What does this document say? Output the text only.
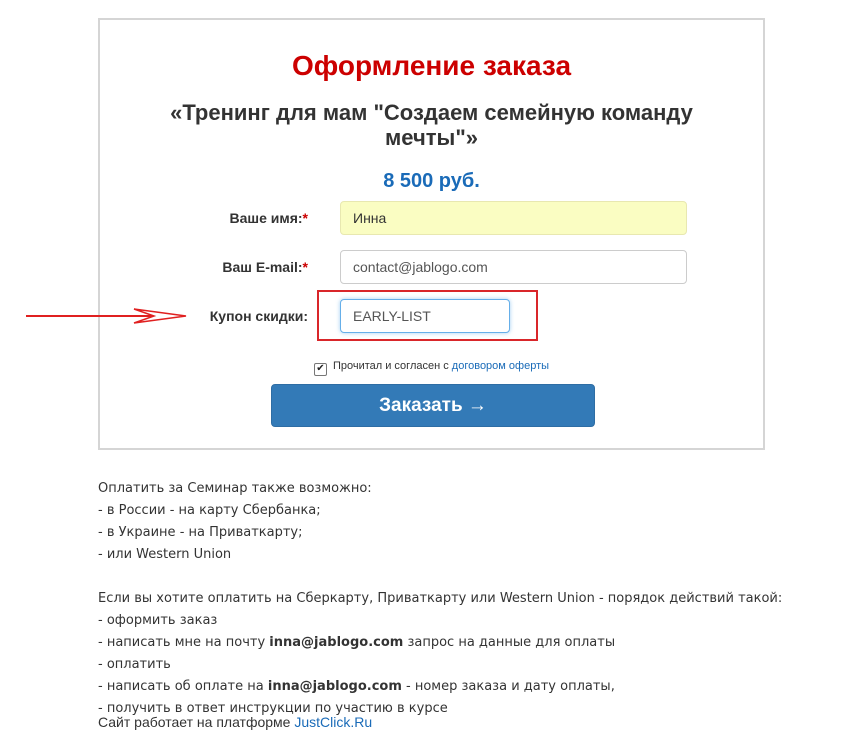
Оформление заказа
«Тренинг для мам "Создаем семейную команду мечты"»
8 500 руб.
Ваше имя:*
Инна
Ваш E-mail:*
contact@jablogo.com
Купон скидки:
EARLY-LIST
✔ Прочитал и согласен с договором оферты
Заказать →

Оплатить за Семинар также возможно:

- в России - на карту Сбербанка;

- в Украине - на Приваткарту;

- или Western Union

Если вы хотите оплатить на Сберкарту, Приваткарту или Western Union - порядок действий такой:

- оформить заказ

- написать мне на почту inna@jablogo.com запрос на данные для оплаты

- оплатить

- написать об оплате на inna@jablogo.com - номер заказа и дату оплаты,

- получить в ответ инструкции по участию в курсе

Сайт работает на платформе JustClick.Ru
